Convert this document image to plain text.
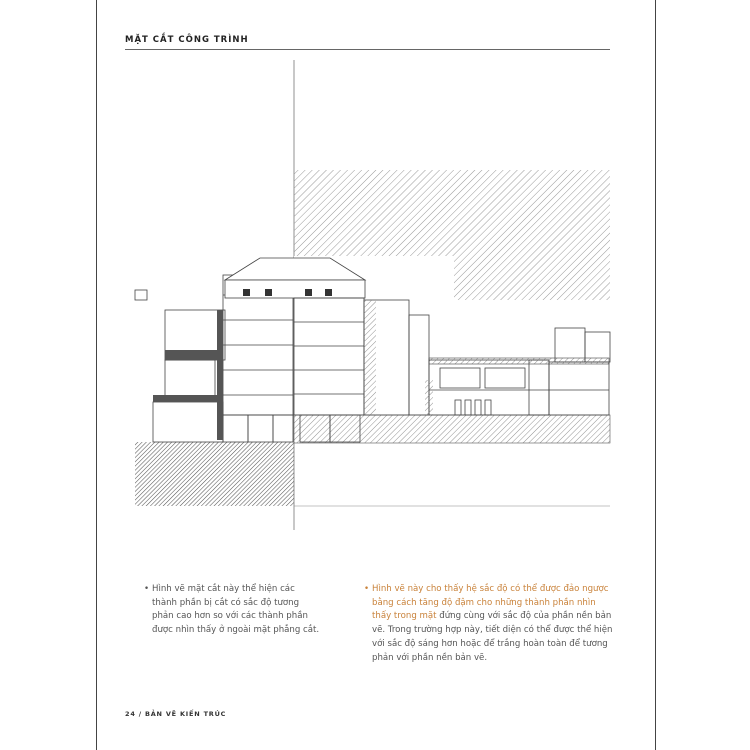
MẶT CẮT CÔNG TRÌNH
• Hình vẽ mặt cắt này thể hiện các thành phần bị cắt có sắc độ tương phản cao hơn so với các thành phần được nhìn thấy ở ngoài mặt phẳng cắt.
• Hình vẽ này cho thấy hệ sắc độ có thể được đảo ngược bằng cách tăng độ đậm cho những thành phần nhìn thấy trong mặt đứng cùng với sắc độ của phần nền bản vẽ. Trong trường hợp này, tiết diện có thể được thể hiện với sắc độ sáng hơn hoặc để trắng hoàn toàn để tương phản với phần nền bản vẽ.
24 / BẢN VẼ KIẾN TRÚC
